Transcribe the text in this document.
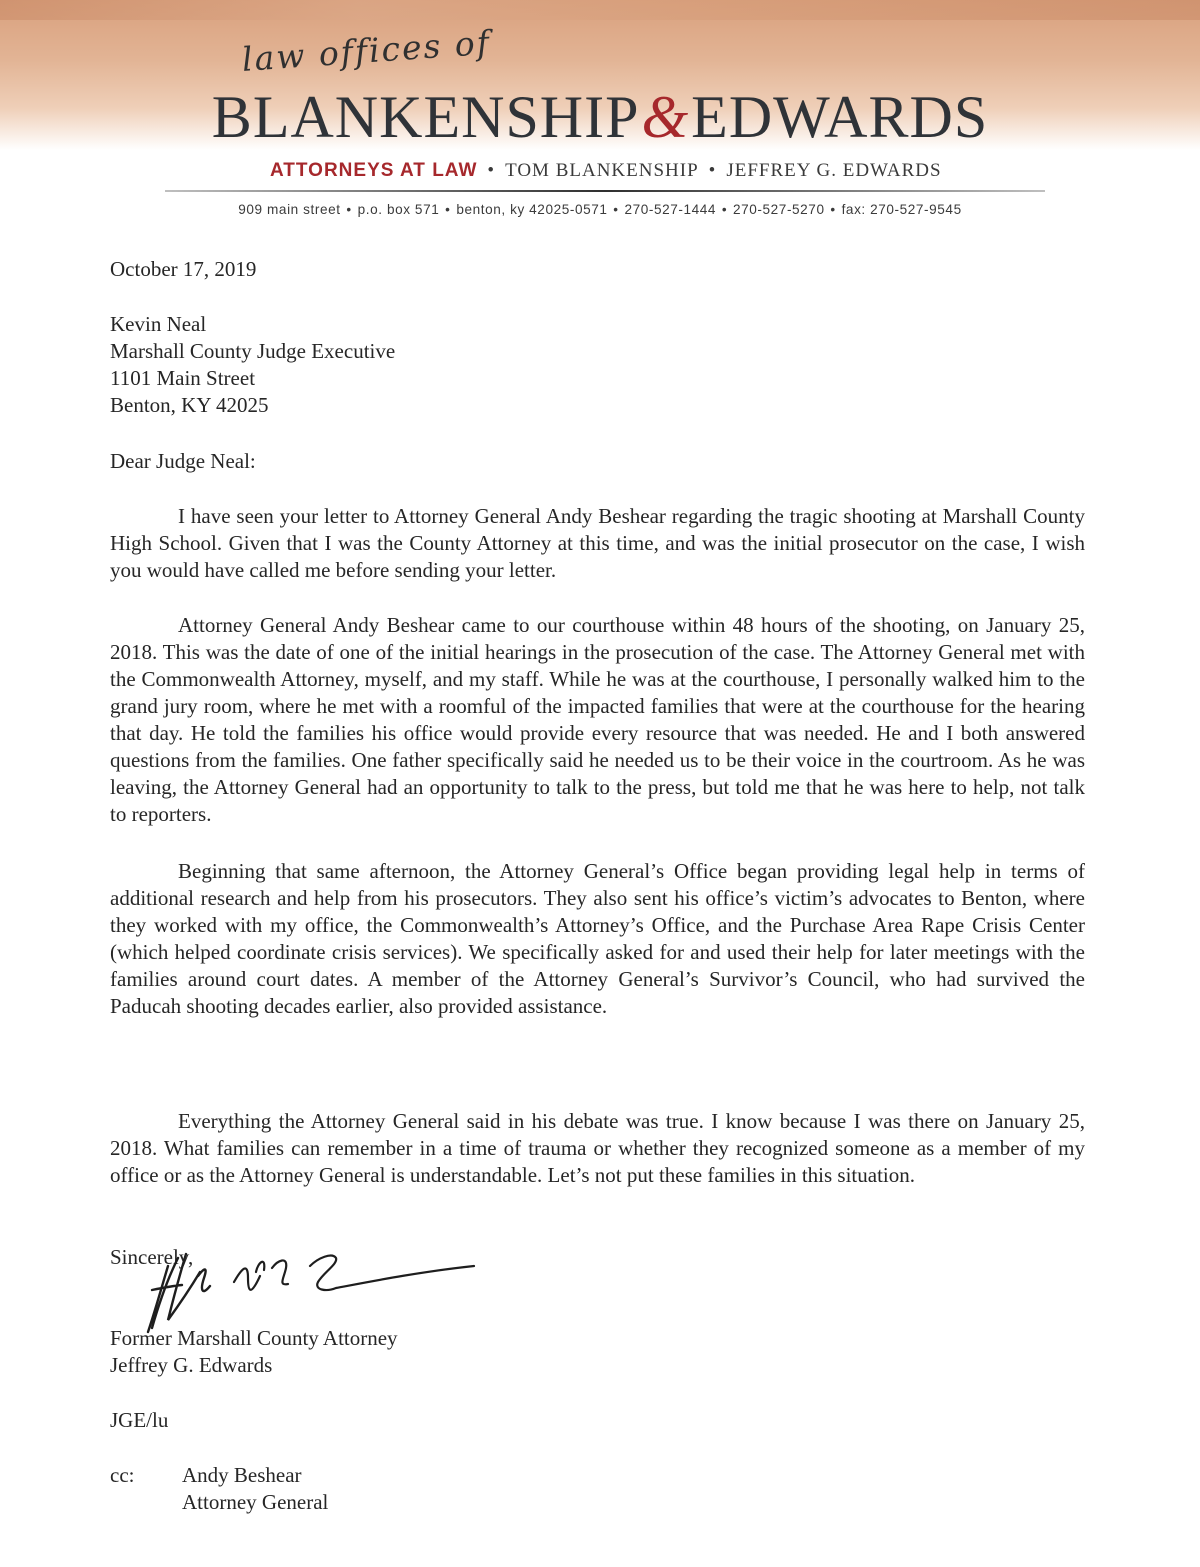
law offices of
BLANKENSHIP&EDWARDS
ATTORNEYS AT LAW • TOM BLANKENSHIP • JEFFREY G. EDWARDS
909 main street • p.o. box 571 • benton, ky 42025-0571 • 270-527-1444 • 270-527-5270 • fax: 270-527-9545
October 17, 2019
Kevin Neal
Marshall County Judge Executive
1101 Main Street
Benton, KY 42025
Dear Judge Neal:

I have seen your letter to Attorney General Andy Beshear regarding the tragic shooting at Marshall County High School. Given that I was the County Attorney at this time, and was the initial prosecutor on the case, I wish you would have called me before sending your letter.

Attorney General Andy Beshear came to our courthouse within 48 hours of the shooting, on January 25, 2018. This was the date of one of the initial hearings in the prosecution of the case. The Attorney General met with the Commonwealth Attorney, myself, and my staff. While he was at the courthouse, I personally walked him to the grand jury room, where he met with a roomful of the impacted families that were at the courthouse for the hearing that day. He told the families his office would provide every resource that was needed. He and I both answered questions from the families. One father specifically said he needed us to be their voice in the courtroom. As he was leaving, the Attorney General had an opportunity to talk to the press, but told me that he was here to help, not talk to reporters.

Beginning that same afternoon, the Attorney General’s Office began providing legal help in terms of additional research and help from his prosecutors. They also sent his office’s victim’s advocates to Benton, where they worked with my office, the Commonwealth’s Attorney’s Office, and the Purchase Area Rape Crisis Center (which helped coordinate crisis services). We specifically asked for and used their help for later meetings with the families around court dates. A member of the Attorney General’s Survivor’s Council, who had survived the Paducah shooting decades earlier, also provided assistance.

Everything the Attorney General said in his debate was true. I know because I was there on January 25, 2018. What families can remember in a time of trauma or whether they recognized someone as a member of my office or as the Attorney General is understandable. Let’s not put these families in this situation.

Sincerely,
Former Marshall County Attorney
Jeffrey G. Edwards
JGE/lu
cc: Andy Beshear
Attorney General
